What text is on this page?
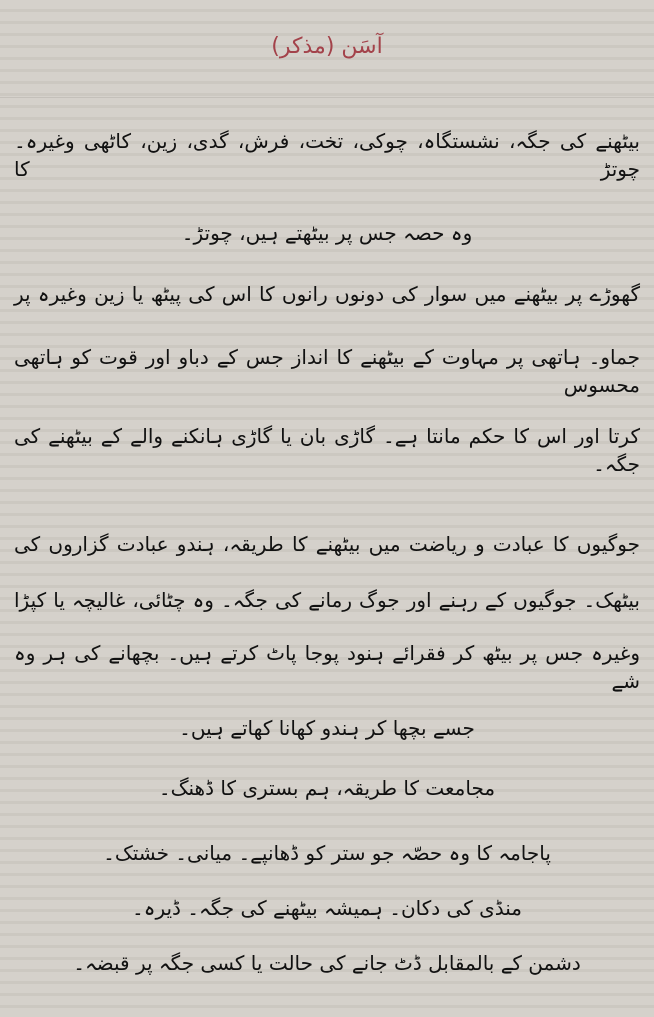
آسَن (مذکر)
بیٹھنے کی جگہ، نشستگاہ، چوکی، تخت، فرش، گدی، زین، کاٹھی وغیرہ۔ چوتڑ کا
وہ حصہ جس پر بیٹھتے ہیں، چوتڑ۔
گھوڑے پر بیٹھنے میں سوار کی دونوں رانوں کا اس کی پیٹھ یا زین وغیرہ پر
جماو۔ ہاتھی پر مہاوت کے بیٹھنے کا انداز جس کے دباو اور قوت کو ہاتھی محسوس
کرتا اور اس کا حکم مانتا ہے۔ گاڑی بان یا گاڑی ہانکنے والے کے بیٹھنے کی جگہ۔
جوگیوں کا عبادت و ریاضت میں بیٹھنے کا طریقہ، ہندو عبادت گزاروں کی
بیٹھک۔ جوگیوں کے رہنے اور جوگ رمانے کی جگہ۔ وہ چٹائی، غالیچہ یا کپڑا
وغیرہ جس پر بیٹھ کر فقرائے ہنود پوجا پاٹ کرتے ہیں۔ بچھانے کی ہر وہ شے
جسے بچھا کر ہندو کھانا کھاتے ہیں۔
مجامعت کا طریقہ، ہم بستری کا ڈھنگ۔
پاجامہ کا وہ حصّہ جو ستر کو ڈھانپے۔ میانی۔ خشتک۔
منڈی کی دکان۔ ہمیشہ بیٹھنے کی جگہ۔ ڈیرہ۔
دشمن کے بالمقابل ڈٹ جانے کی حالت یا کسی جگہ پر قبضہ۔
